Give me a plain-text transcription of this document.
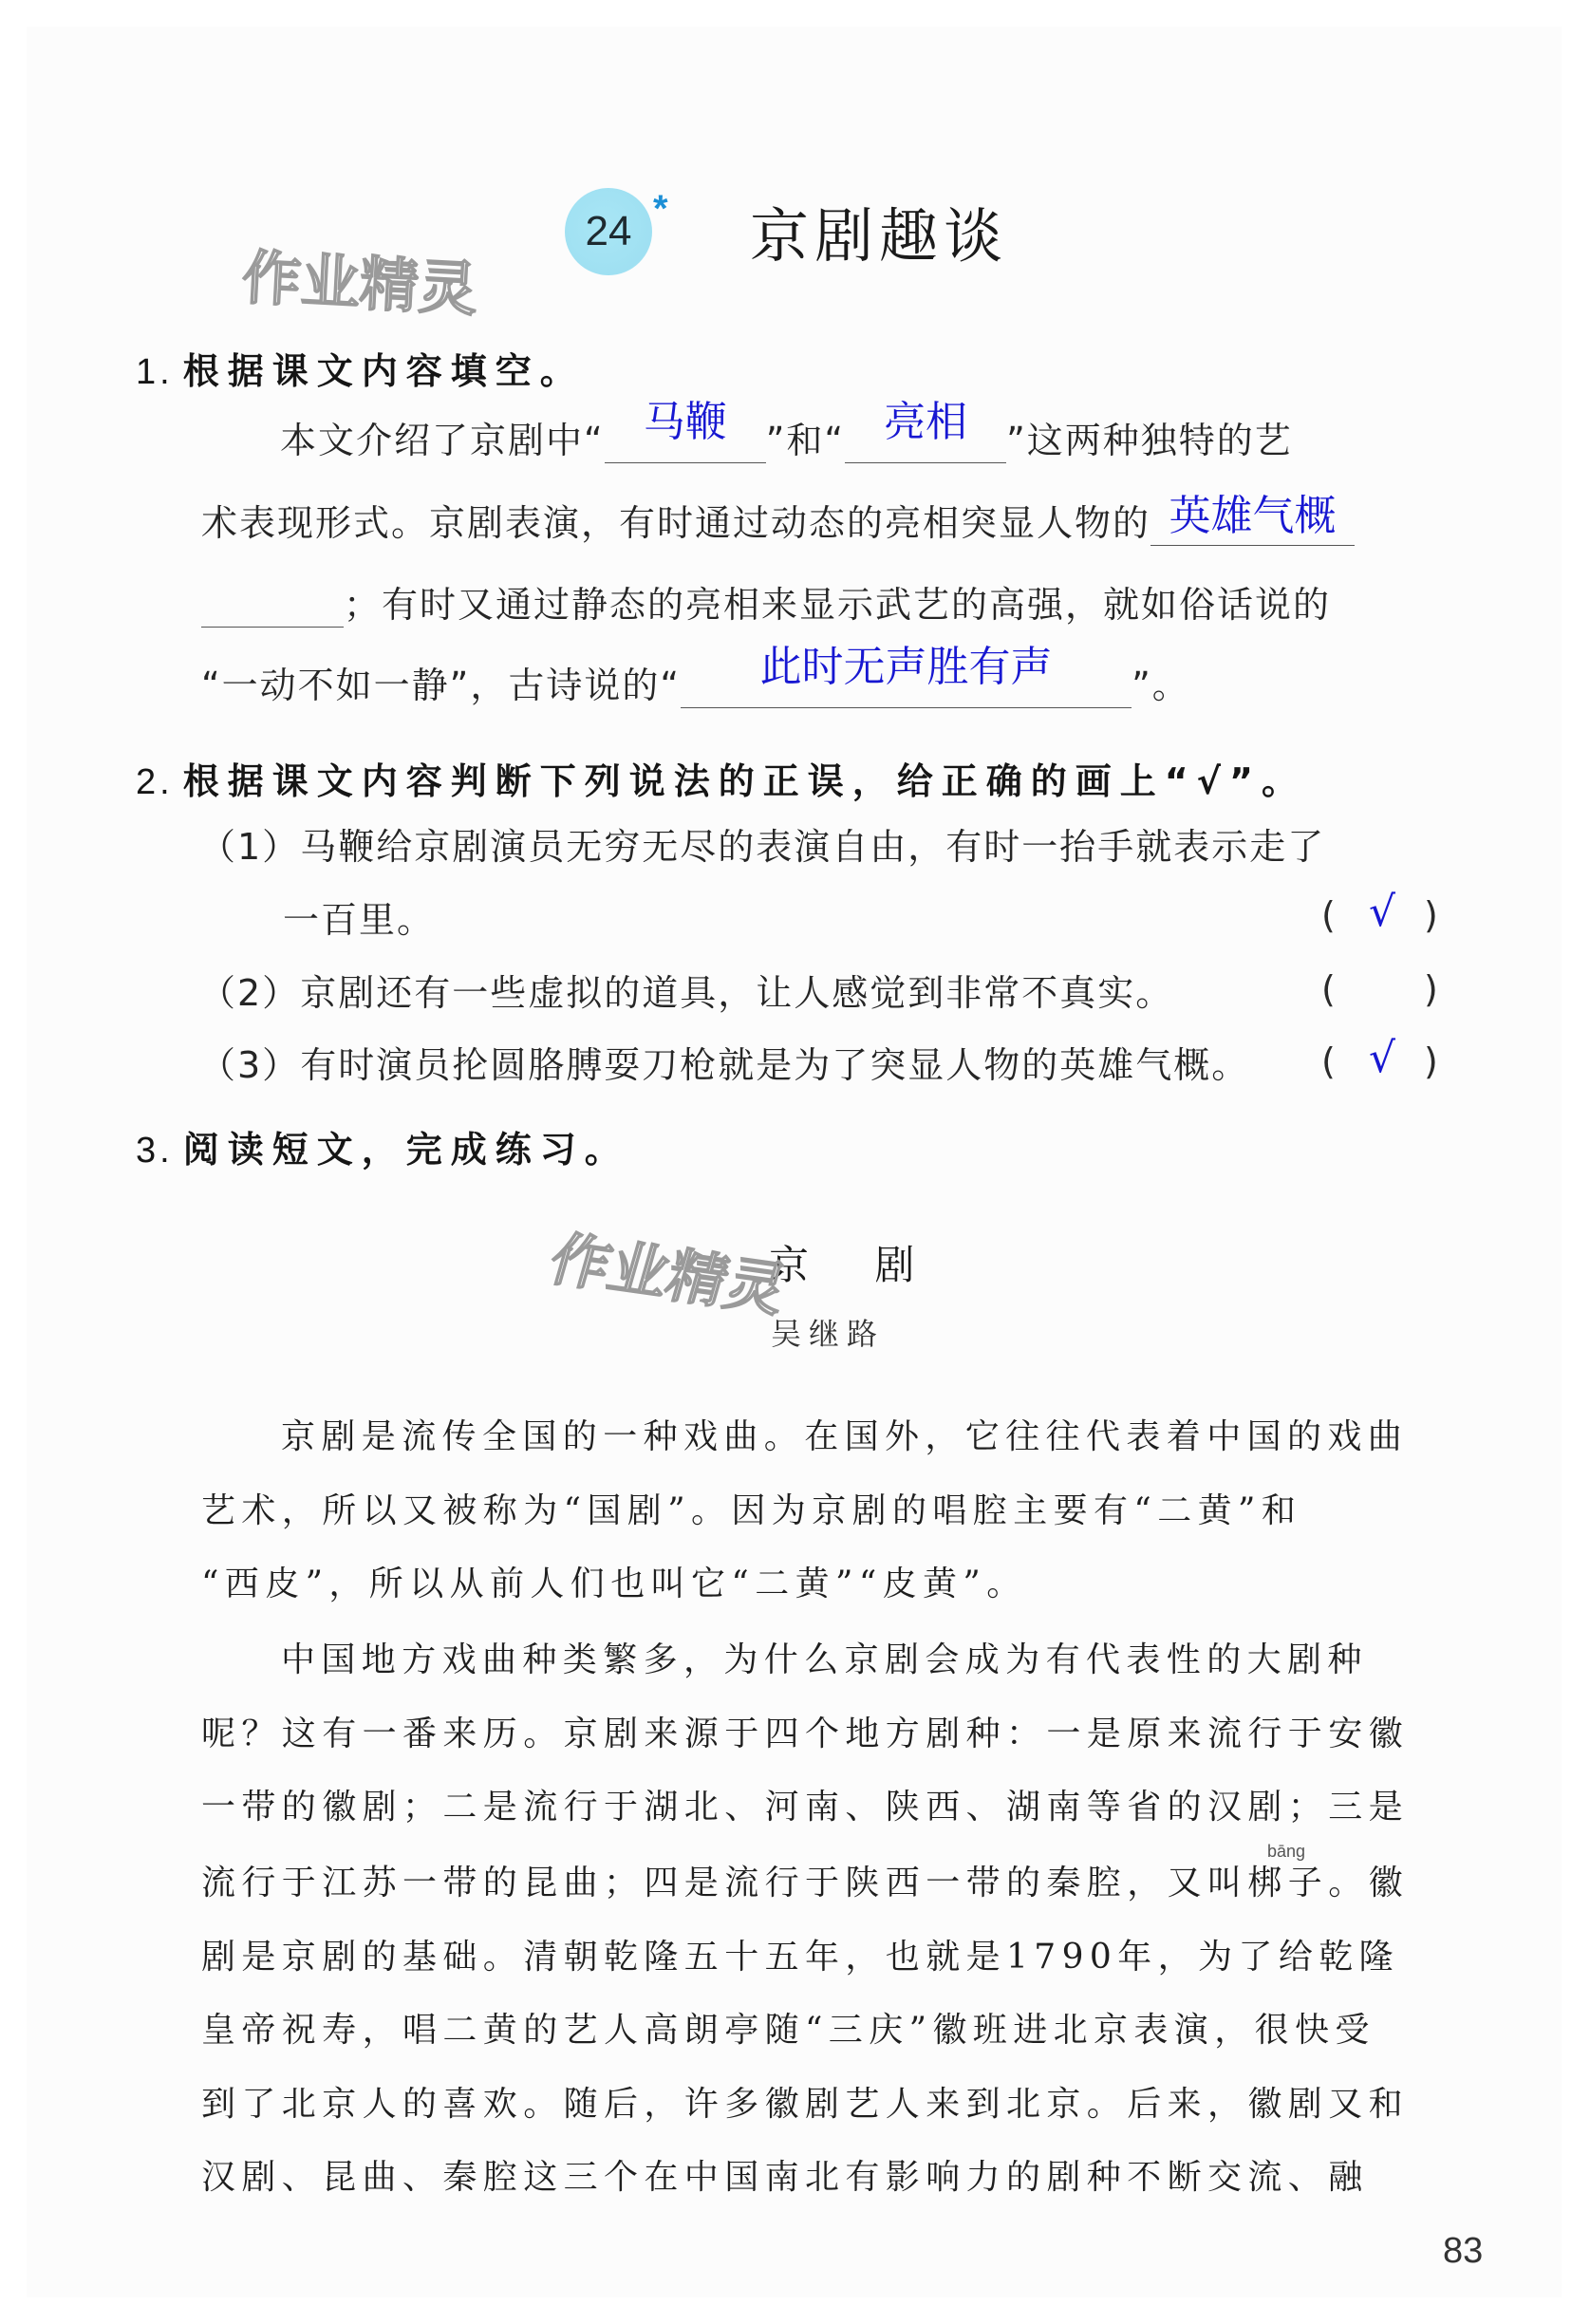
24 * 京剧趣谈
作业精灵
1. 根据课文内容填空。
本文介绍了京剧中“ 马鞭	”和“ 亮相	”这两种独特的艺
术表现形式。京剧表演，有时通过动态的亮相突显人物的 英雄气概
；有时又通过静态的亮相来显示武艺的高强，就如俗话说的
“一动不如一静”，古诗说的“	此时无声胜有声	”。
2. 根据课文内容判断下列说法的正误，给正确的画上“√”。
（1）马鞭给京剧演员无穷无尽的表演自由，有时一抬手就表示走了
一百里。	( √ )
（2）京剧还有一些虚拟的道具，让人感觉到非常不真实。	( )
（3）有时演员抡圆胳膊耍刀枪就是为了突显人物的英雄气概。 ( √ )
3. 阅读短文，完成练习。
京 剧
作业精灵
吴继路
京剧是流传全国的一种戏曲。在国外，它往往代表着中国的戏曲
艺术，所以又被称为“国剧”。因为京剧的唱腔主要有“二黄”和
“西皮”，所以从前人们也叫它“二黄”“皮黄”。
中国地方戏曲种类繁多，为什么京剧会成为有代表性的大剧种
呢？这有一番来历。京剧来源于四个地方剧种：一是原来流行于安徽
一带的徽剧；二是流行于湖北、河南、陕西、湖南等省的汉剧；三是
bāng
流行于江苏一带的昆曲；四是流行于陕西一带的秦腔，又叫梆子。徽
剧是京剧的基础。清朝乾隆五十五年，也就是1790年，为了给乾隆
皇帝祝寿，唱二黄的艺人高朗亭随“三庆”徽班进北京表演，很快受
到了北京人的喜欢。随后，许多徽剧艺人来到北京。后来，徽剧又和
汉剧、昆曲、秦腔这三个在中国南北有影响力的剧种不断交流、融
83
